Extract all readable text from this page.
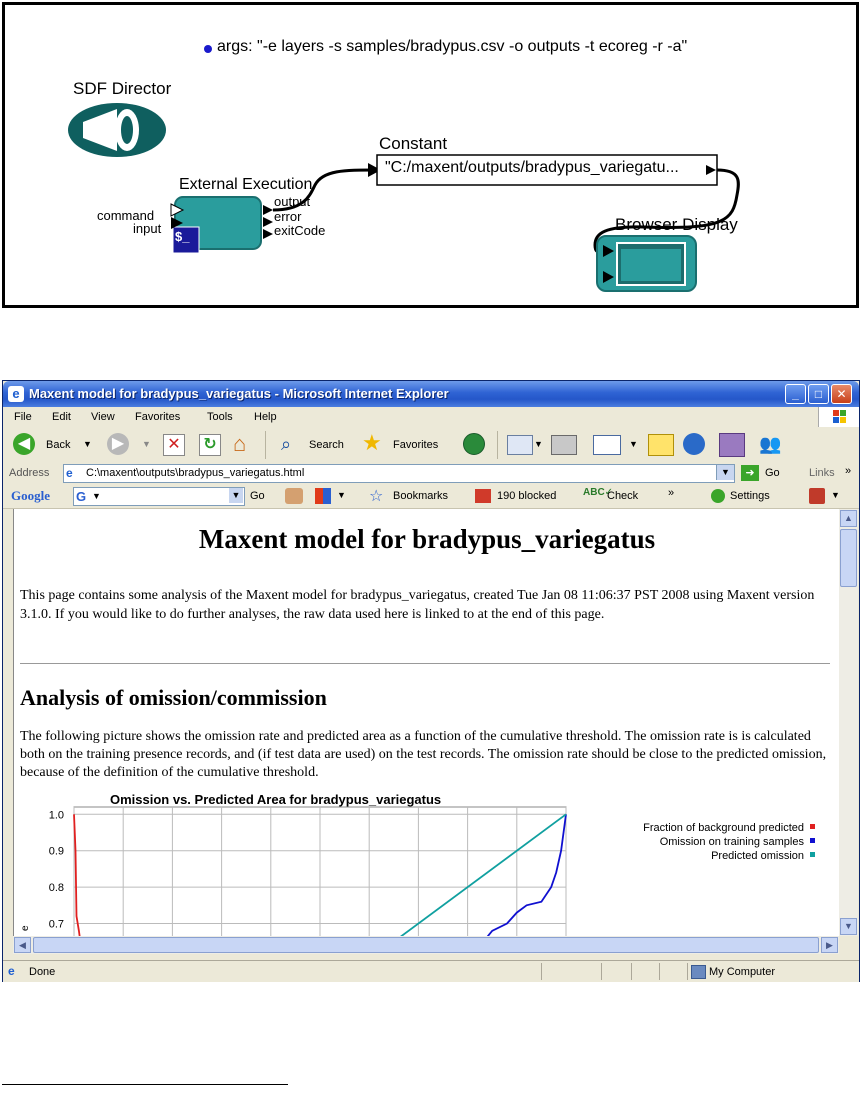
args: "-e layers -s samples/bradypus.csv -o outputs -t ecoreg -r -a"
SDF Director
Constant
"C:/maxent/outputs/bradypus_variegatu...
External Execution
command
input
$_
output
error
exitCode	Browser Display
e Maxent model for bradypus_variegatus - Microsoft Internet Explorer	_	□	✕
File Edit View Favorites Tools Help
◀	Back ▼	▶	▼ ✕ ↻ ⌂	⌕	Search ★	Favorites	▼	▼	👥
Address e	C:\maxent\outputs\bradypus_variegatus.html	▼	➜ Go	Links »
Google G ▼	▼ Go	▼ ☆ Bookmarks	190 blocked	ABC✓
Check	»	Settings	▼
Maxent model for bradypus_variegatus
This page contains some analysis of the Maxent model for bradypus_variegatus, created Tue Jan 08 11:06:37 PST 2008 using Maxent version 3.1.0. If you would like to do further analyses, the raw data used here is linked to at the end of this page.
Analysis of omission/commission
The following picture shows the omission rate and predicted area as a function of the cumulative threshold. The omission rate is is calculated both on the training presence records, and (if test data are used) on the test records. The omission rate should be close to the predicted omission, because of the definition of the cumulative threshold.
Omission vs. Predicted Area for bradypus_variegatus
1.0
0.9
0.8
0.7
e
Fraction of background predicted
Omission on training samples
Predicted omission
▲
▼
◀	▶
e	Done	My Computer
